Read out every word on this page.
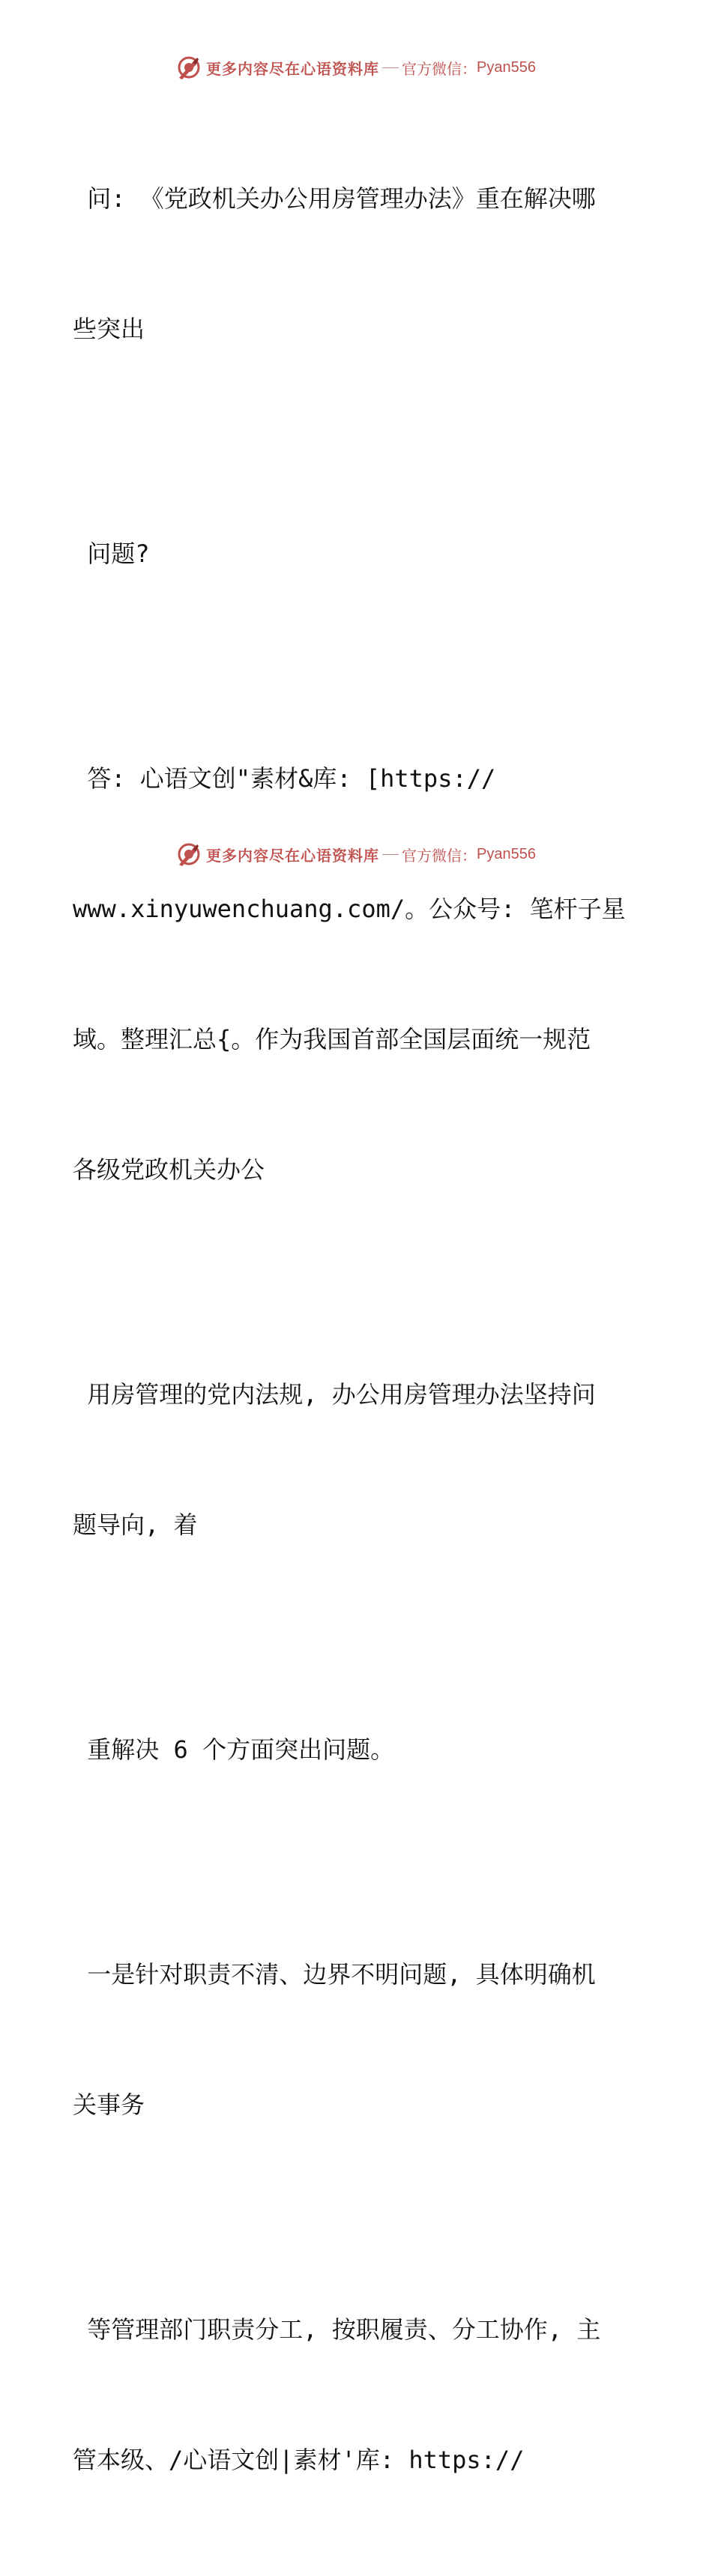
更多内容尽在心语资料库 官方微信： Pyan556

问: 《党政机关办公用房管理办法》重在解决哪

些突出

问题?

答: 心语文创"素材&库: [https://

www.xinyuwenchuang.com/。公众号: 笔杆子星

域。整理汇总{。作为我国首部全国层面统一规范

各级党政机关办公

用房管理的党内法规, 办公用房管理办法坚持问

题导向, 着

重解决 6 个方面突出问题。

一是针对职责不清、边界不明问题, 具体明确机

关事务

等管理部门职责分工, 按职履责、分工协作, 主

管本级、/心语文创|素材'库: https://

更多内容尽在心语资料库 官方微信： Pyan556
